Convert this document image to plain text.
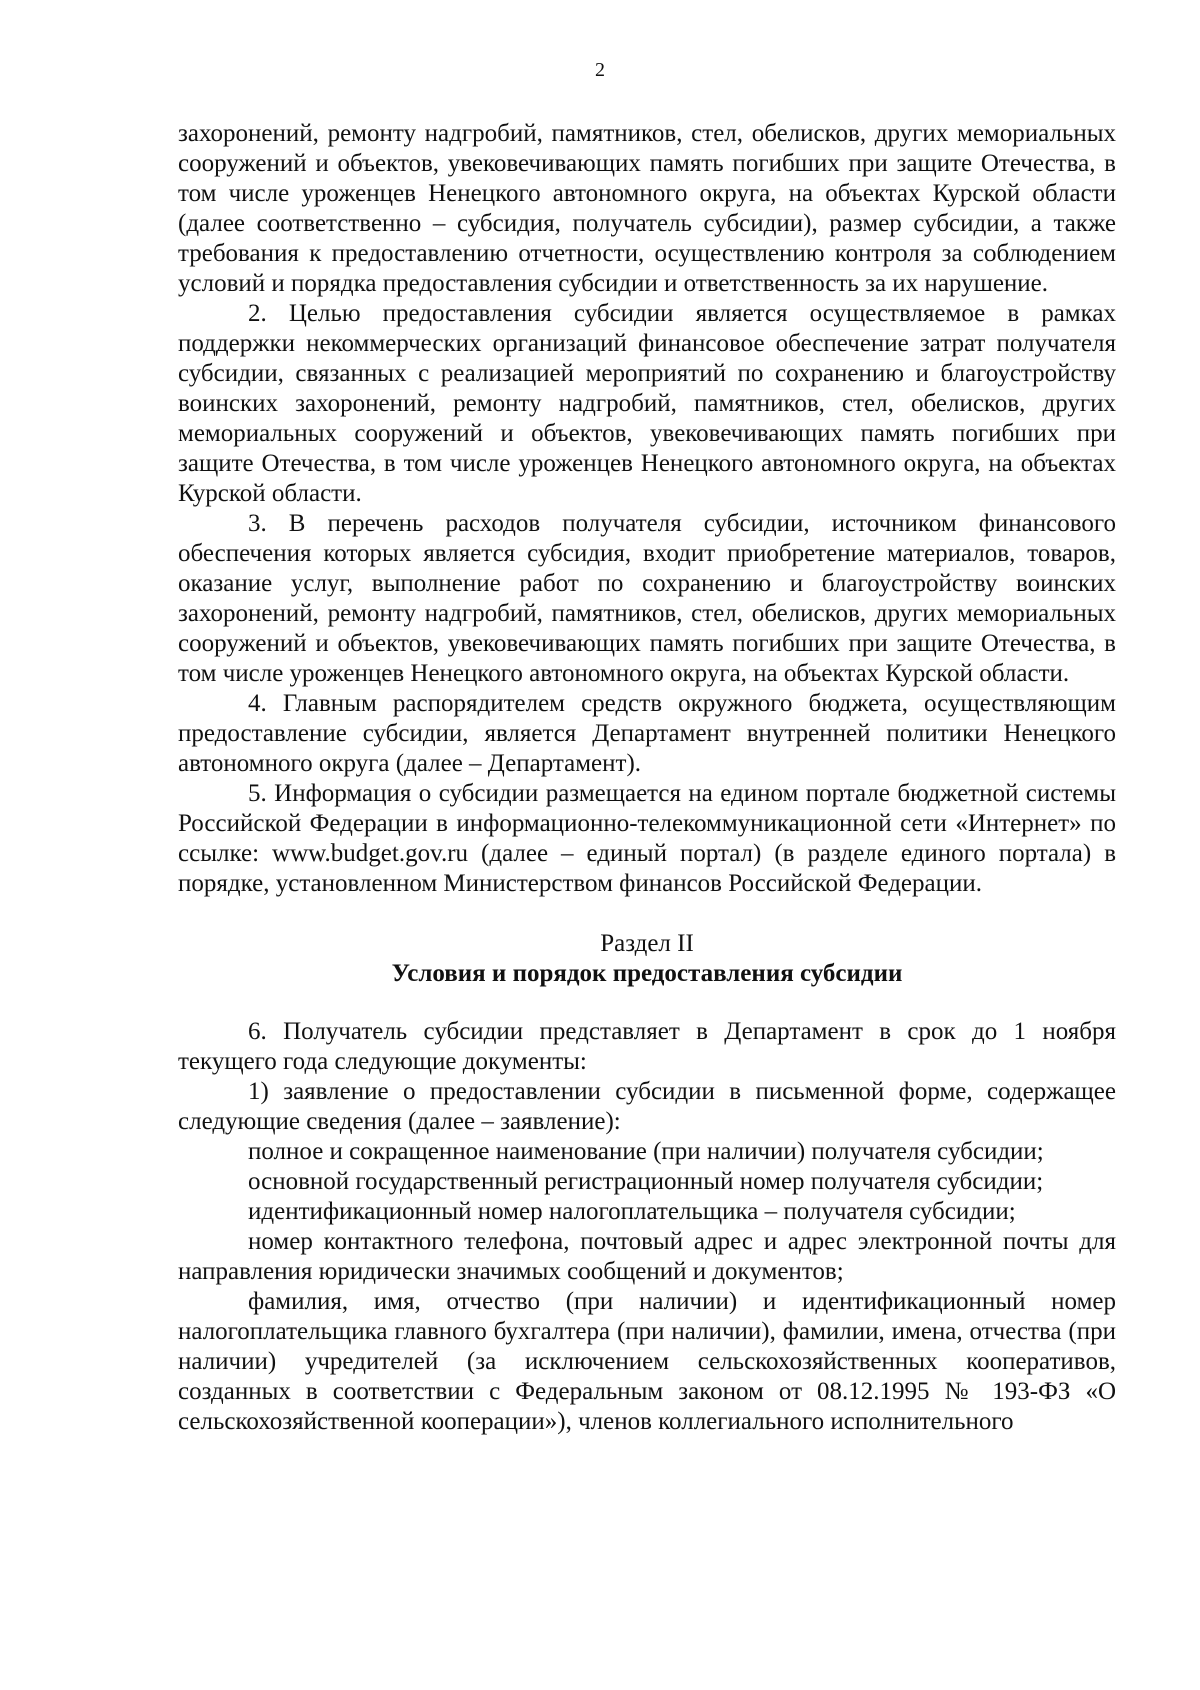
2

захоронений, ремонту надгробий, памятников, стел, обелисков, других мемориальных сооружений и объектов, увековечивающих память погибших при защите Отечества, в том числе уроженцев Ненецкого автономного округа, на объектах Курской области (далее соответственно – субсидия, получатель субсидии), размер субсидии, а также требования к предоставлению отчетности, осуществлению контроля за соблюдением условий и порядка предоставления субсидии и ответственность за их нарушение.

2. Целью предоставления субсидии является осуществляемое в рамках поддержки некоммерческих организаций финансовое обеспечение затрат получателя субсидии, связанных с реализацией мероприятий по сохранению и благоустройству воинских захоронений, ремонту надгробий, памятников, стел, обелисков, других мемориальных сооружений и объектов, увековечивающих память погибших при защите Отечества, в том числе уроженцев Ненецкого автономного округа, на объектах Курской области.

3. В перечень расходов получателя субсидии, источником финансового обеспечения которых является субсидия, входит приобретение материалов, товаров, оказание услуг, выполнение работ по сохранению и благоустройству воинских захоронений, ремонту надгробий, памятников, стел, обелисков, других мемориальных сооружений и объектов, увековечивающих память погибших при защите Отечества, в том числе уроженцев Ненецкого автономного округа, на объектах Курской области.

4. Главным распорядителем средств окружного бюджета, осуществляющим предоставление субсидии, является Департамент внутренней политики Ненецкого автономного округа (далее – Департамент).

5. Информация о субсидии размещается на едином портале бюджетной системы Российской Федерации в информационно-телекоммуникационной сети «Интернет» по ссылке: www.budget.gov.ru (далее – единый портал) (в разделе единого портала) в порядке, установленном Министерством финансов Российской Федерации.

Раздел II

Условия и порядок предоставления субсидии

6. Получатель субсидии представляет в Департамент в срок до 1 ноября текущего года следующие документы:

1) заявление о предоставлении субсидии в письменной форме, содержащее следующие сведения (далее – заявление):

полное и сокращенное наименование (при наличии) получателя субсидии;

основной государственный регистрационный номер получателя субсидии;

идентификационный номер налогоплательщика – получателя субсидии;

номер контактного телефона, почтовый адрес и адрес электронной почты для направления юридически значимых сообщений и документов;

фамилия, имя, отчество (при наличии) и идентификационный номер налогоплательщика главного бухгалтера (при наличии), фамилии, имена, отчества (при наличии) учредителей (за исключением сельскохозяйственных кооперативов, созданных в соответствии с Федеральным законом от 08.12.1995 № 193-ФЗ «О сельскохозяйственной кооперации»), членов коллегиального исполнительного
